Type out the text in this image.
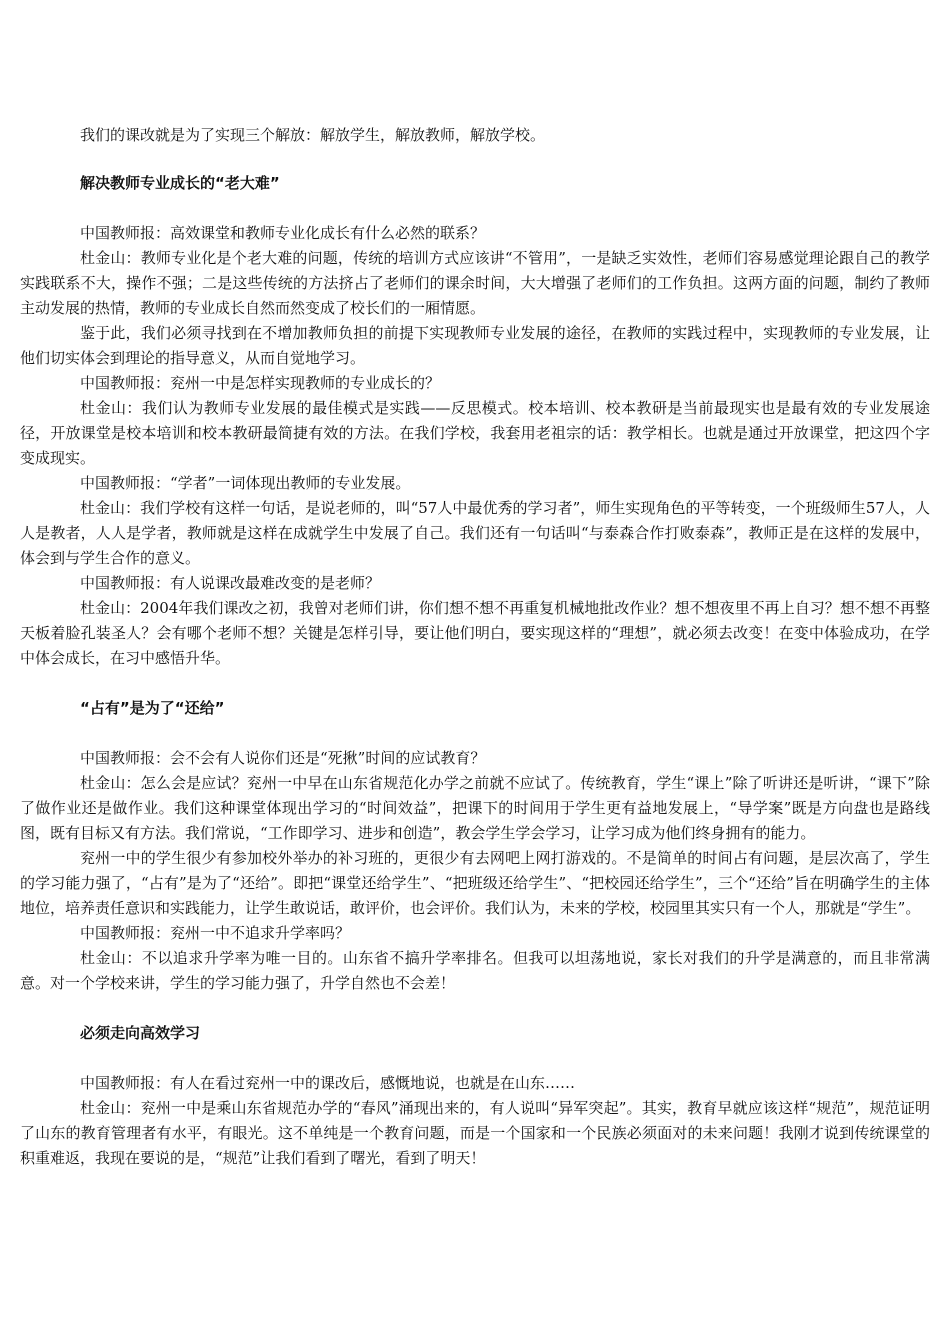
我们的课改就是为了实现三个解放：解放学生，解放教师，解放学校。

解决教师专业成长的“老大难”

中国教师报：高效课堂和教师专业化成长有什么必然的联系？

杜金山：教师专业化是个老大难的问题，传统的培训方式应该讲“不管用”，一是缺乏实效性，老师们容易感觉理论跟自己的教学实践联系不大，操作不强；二是这些传统的方法挤占了老师们的课余时间，大大增强了老师们的工作负担。这两方面的问题，制约了教师主动发展的热情，教师的专业成长自然而然变成了校长们的一厢情愿。

鉴于此，我们必须寻找到在不增加教师负担的前提下实现教师专业发展的途径，在教师的实践过程中，实现教师的专业发展，让他们切实体会到理论的指导意义，从而自觉地学习。

中国教师报：兖州一中是怎样实现教师的专业成长的？

杜金山：我们认为教师专业发展的最佳模式是实践——反思模式。校本培训、校本教研是当前最现实也是最有效的专业发展途径，开放课堂是校本培训和校本教研最简捷有效的方法。在我们学校，我套用老祖宗的话：教学相长。也就是通过开放课堂，把这四个字变成现实。

中国教师报：“学者”一词体现出教师的专业发展。

杜金山：我们学校有这样一句话，是说老师的，叫“57人中最优秀的学习者”，师生实现角色的平等转变，一个班级师生57人，人人是教者，人人是学者，教师就是这样在成就学生中发展了自己。我们还有一句话叫“与泰森合作打败泰森”，教师正是在这样的发展中，体会到与学生合作的意义。

中国教师报：有人说课改最难改变的是老师？

杜金山：2004年我们课改之初，我曾对老师们讲，你们想不想不再重复机械地批改作业？想不想夜里不再上自习？想不想不再整天板着脸孔装圣人？会有哪个老师不想？关键是怎样引导，要让他们明白，要实现这样的“理想”，就必须去改变！在变中体验成功，在学中体会成长，在习中感悟升华。

“占有”是为了“还给”

中国教师报：会不会有人说你们还是“死揪”时间的应试教育？

杜金山：怎么会是应试？兖州一中早在山东省规范化办学之前就不应试了。传统教育，学生“课上”除了听讲还是听讲，“课下”除了做作业还是做作业。我们这种课堂体现出学习的“时间效益”，把课下的时间用于学生更有益地发展上，“导学案”既是方向盘也是路线图，既有目标又有方法。我们常说，“工作即学习、进步和创造”，教会学生学会学习，让学习成为他们终身拥有的能力。

兖州一中的学生很少有参加校外举办的补习班的，更很少有去网吧上网打游戏的。不是简单的时间占有问题，是层次高了，学生的学习能力强了，“占有”是为了“还给”。即把“课堂还给学生”、“把班级还给学生”、“把校园还给学生”，三个“还给”旨在明确学生的主体地位，培养责任意识和实践能力，让学生敢说话，敢评价，也会评价。我们认为，未来的学校，校园里其实只有一个人，那就是“学生”。

中国教师报：兖州一中不追求升学率吗？

杜金山：不以追求升学率为唯一目的。山东省不搞升学率排名。但我可以坦荡地说，家长对我们的升学是满意的，而且非常满意。对一个学校来讲，学生的学习能力强了，升学自然也不会差！

必须走向高效学习

中国教师报：有人在看过兖州一中的课改后，感慨地说，也就是在山东……

杜金山：兖州一中是乘山东省规范办学的“春风”涌现出来的，有人说叫“异军突起”。其实，教育早就应该这样“规范”，规范证明了山东的教育管理者有水平，有眼光。这不单纯是一个教育问题，而是一个国家和一个民族必须面对的未来问题！我刚才说到传统课堂的积重难返，我现在要说的是，“规范”让我们看到了曙光，看到了明天！
